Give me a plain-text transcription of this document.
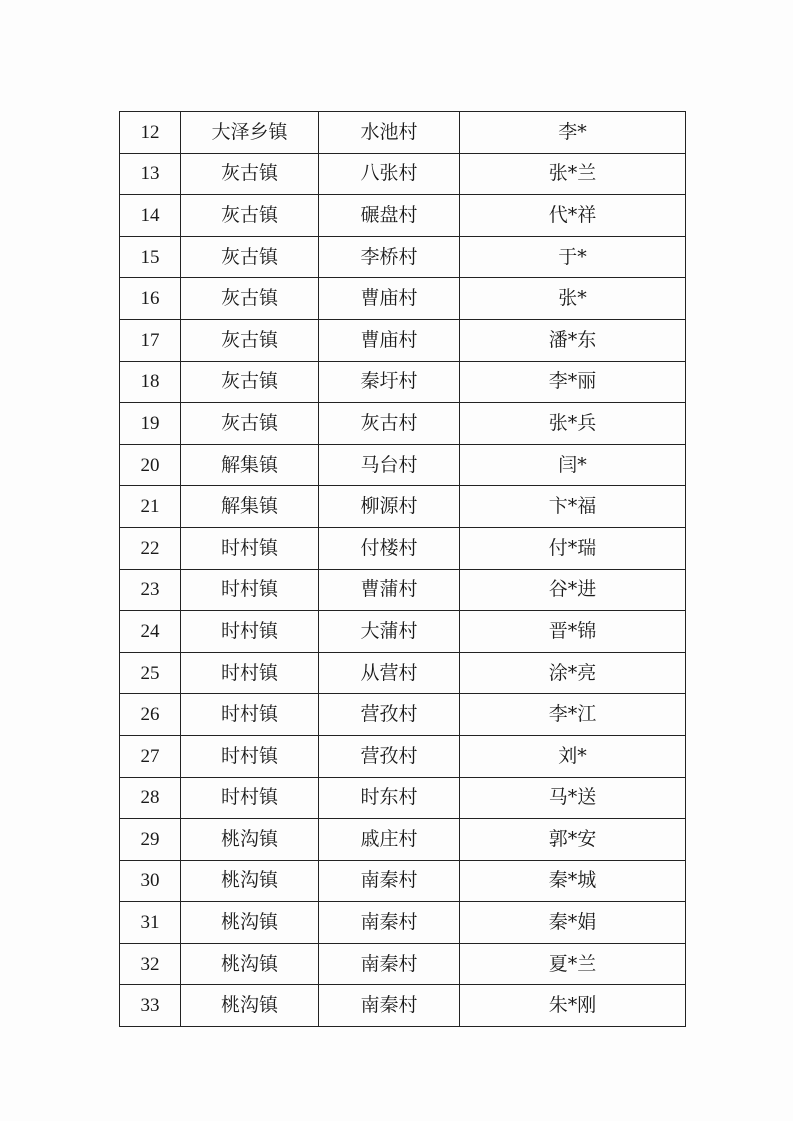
12	大泽乡镇	水池村	李*
13	灰古镇	八张村	张*兰
14	灰古镇	碾盘村	代*祥
15	灰古镇	李桥村	于*
16	灰古镇	曹庙村	张*
17	灰古镇	曹庙村	潘*东
18	灰古镇	秦圩村	李*丽
19	灰古镇	灰古村	张*兵
20	解集镇	马台村	闫*
21	解集镇	柳源村	卞*福
22	时村镇	付楼村	付*瑞
23	时村镇	曹蒲村	谷*进
24	时村镇	大蒲村	晋*锦
25	时村镇	从营村	涂*亮
26	时村镇	营孜村	李*江
27	时村镇	营孜村	刘*
28	时村镇	时东村	马*送
29	桃沟镇	戚庄村	郭*安
30	桃沟镇	南秦村	秦*城
31	桃沟镇	南秦村	秦*娟
32	桃沟镇	南秦村	夏*兰
33	桃沟镇	南秦村	朱*刚
